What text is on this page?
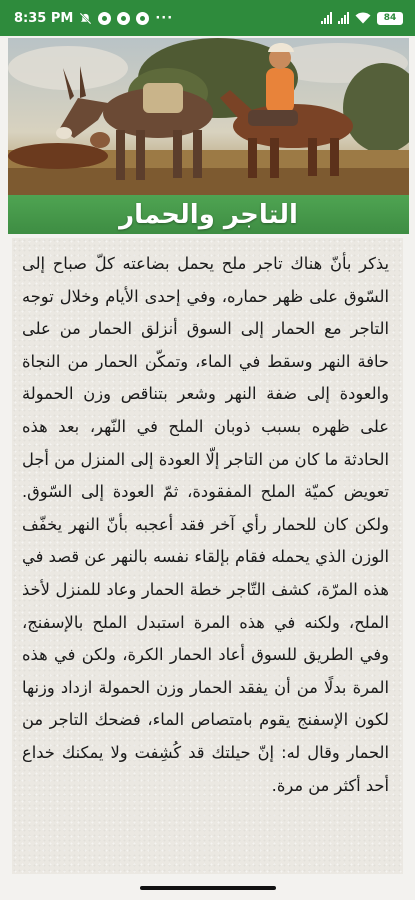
8:35 PM	···	84
التاجر والحمار

يذكر بأنّ هناك تاجر ملح يحمل بضاعته كلّ صباح إلى السّوق على ظهر حماره، وفي إحدى الأيام وخلال توجه التاجر مع الحمار إلى السوق أنزلق الحمار من على حافة النهر وسقط في الماء، وتمكّن الحمار من النجاة والعودة إلى ضفة النهر وشعر بتناقص وزن الحمولة على ظهره بسبب ذوبان الملح في النّهر، بعد هذه الحادثة ما كان من التاجر إلّا العودة إلى المنزل من أجل تعويض كميّة الملح المفقودة، ثمّ العودة إلى السّوق. ولكن كان للحمار رأي آخر فقد أعجبه بأنّ النهر يخفّف الوزن الذي يحمله فقام بإلقاء نفسه بالنهر عن قصد في هذه المرّة، كشف التّاجر خطة الحمار وعاد للمنزل لأخذ الملح، ولكنه في هذه المرة استبدل الملح بالإسفنج، وفي الطريق للسوق أعاد الحمار الكرة، ولكن في هذه المرة بدلًا من أن يفقد الحمار وزن الحمولة ازداد وزنها لكون الإسفنج يقوم بامتصاص الماء، فضحك التاجر من الحمار وقال له: إنّ حيلتك قد كُشِفت ولا يمكنك خداع أحد أكثر من مرة.
